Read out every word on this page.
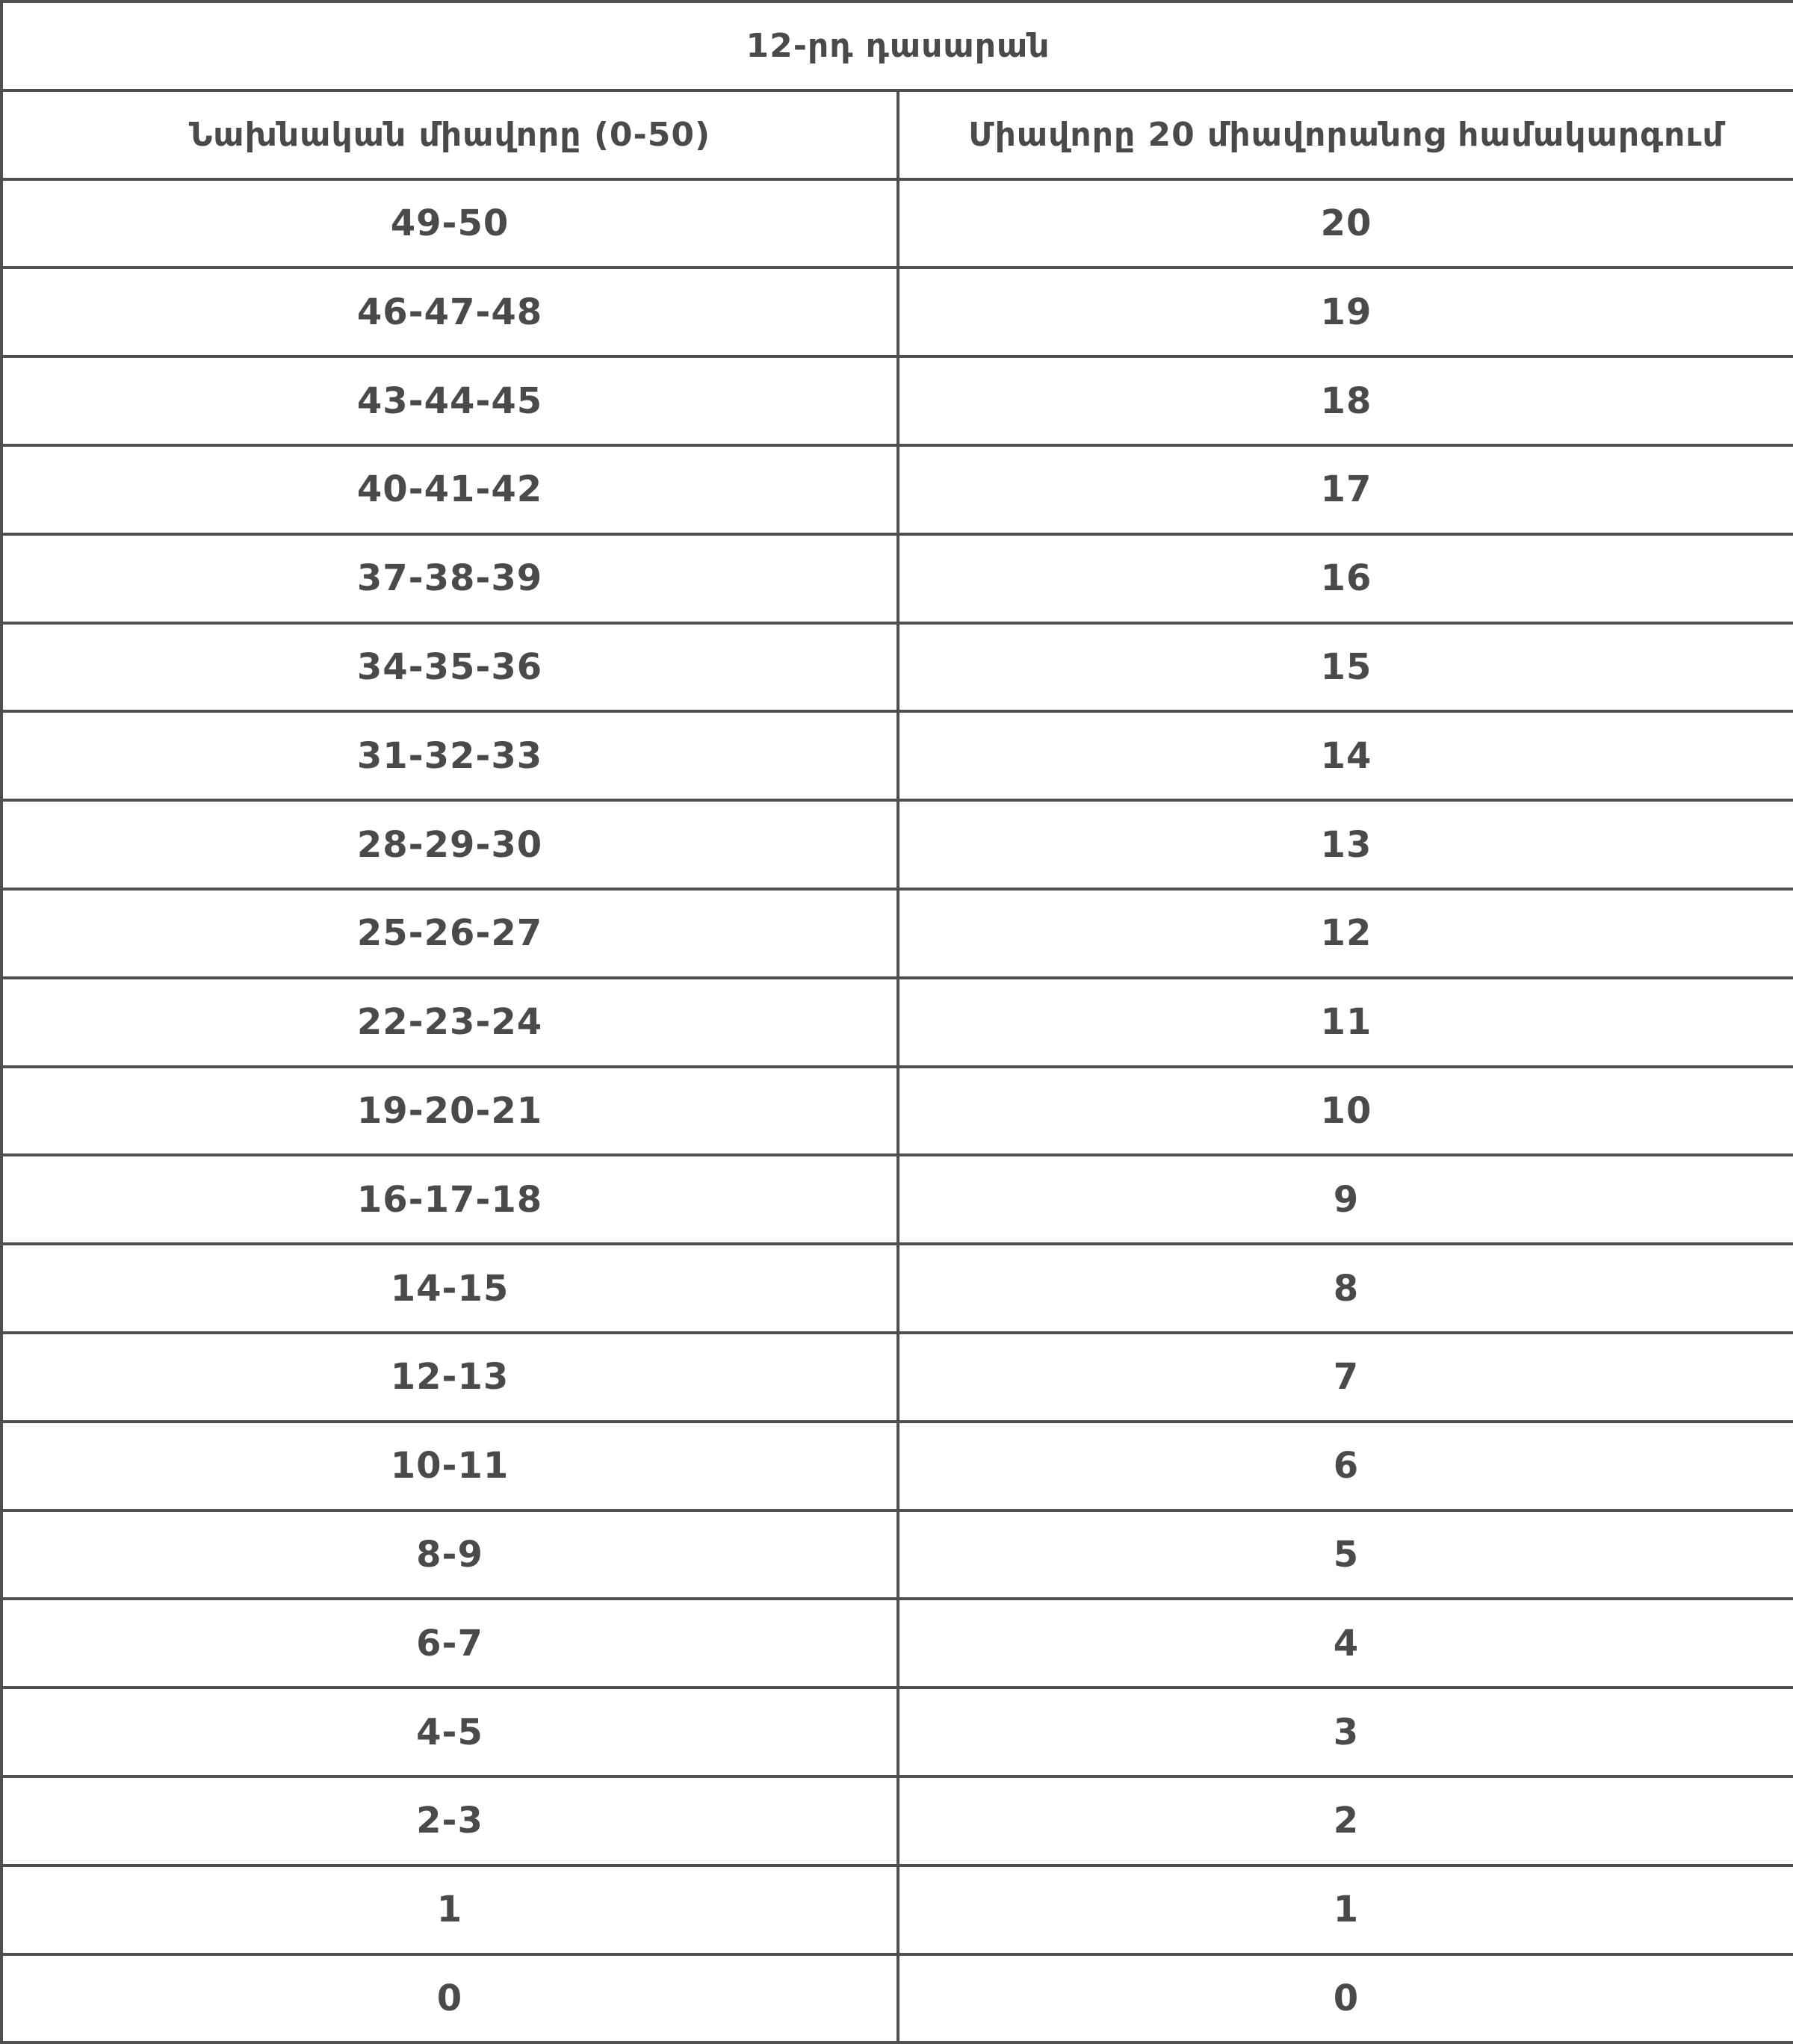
12-րդ դասարան	
Նախնական միավորը (0-50)	Միավորը 20 միավորանոց համակարգում
49-50	20
46-47-48	19
43-44-45	18
40-41-42	17
37-38-39	16
34-35-36	15
31-32-33	14
28-29-30	13
25-26-27	12
22-23-24	11
19-20-21	10
16-17-18	9
14-15	8
12-13	7
10-11	6
8-9	5
6-7	4
4-5	3
2-3	2
1	1
0	0
